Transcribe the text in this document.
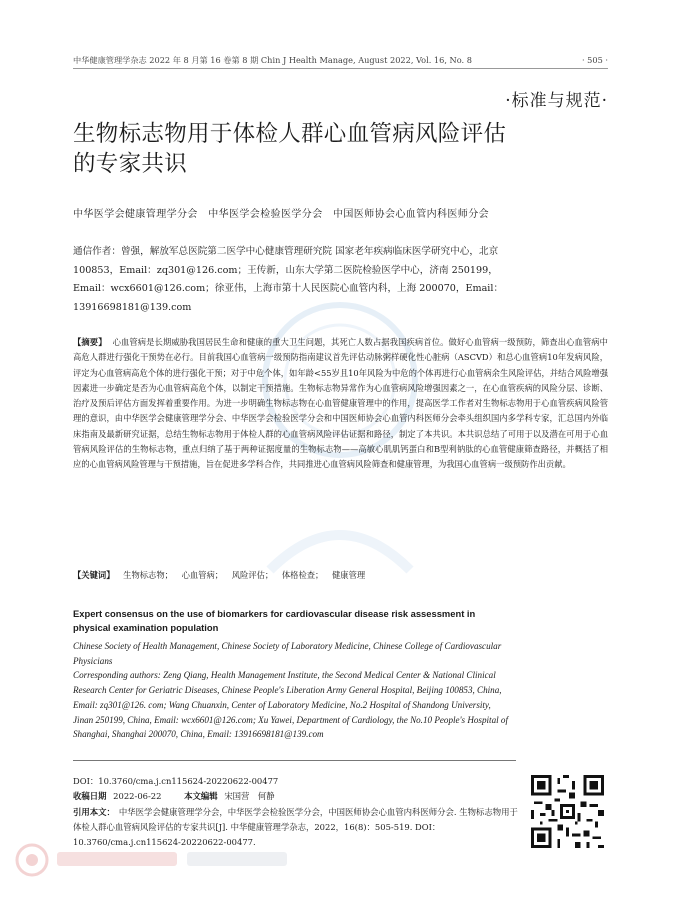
中华健康管理学杂志 2022 年 8 月第 16 卷第 8 期 Chin J Health Manage, August 2022, Vol. 16, No. 8	· 505 ·
·标准与规范·
生物标志物用于体检人群心血管病风险评估的专家共识
中华医学会健康管理学分会　中华医学会检验医学分会　中国医师协会心血管内科医师分会
通信作者：曾强，解放军总医院第二医学中心健康管理研究院 国家老年疾病临床医学研究中心，北京 100853，Email：zq301@126.com；王传新，山东大学第二医院检验医学中心，济南 250199，Email：wcx6601@126.com；徐亚伟，上海市第十人民医院心血管内科，上海 200070，Email：13916698181@139.com
【摘要】 心血管病是长期威胁我国居民生命和健康的重大卫生问题，其死亡人数占据我国疾病首位。做好心血管病一级预防，筛查出心血管病中高危人群进行强化干预势在必行。目前我国心血管病一级预防指南建议首先评估动脉粥样硬化性心脏病（ASCVD）和总心血管病10年发病风险，评定为心血管病高危个体的进行强化干预；对于中危个体，如年龄<55岁且10年风险为中危的个体再进行心血管病余生风险评估，并结合风险增强因素进一步确定是否为心血管病高危个体，以制定干预措施。生物标志物异常作为心血管病风险增强因素之一，在心血管疾病的风险分层、诊断、治疗及预后评估方面发挥着重要作用。为进一步明确生物标志物在心血管健康管理中的作用，提高医学工作者对生物标志物用于心血管疾病风险管理的意识，由中华医学会健康管理学分会、中华医学会检验医学分会和中国医师协会心血管内科医师分会牵头组织国内多学科专家，汇总国内外临床指南及最新研究证据，总结生物标志物用于体检人群的心血管病风险评估证据和路径，制定了本共识。本共识总结了可用于以及潜在可用于心血管病风险评估的生物标志物，重点归纳了基于两种证据度量的生物标志物——高敏心肌肌钙蛋白和B型利钠肽的心血管健康筛查路径，并概括了相应的心血管病风险管理与干预措施，旨在促进多学科合作，共同推进心血管病风险筛查和健康管理，为我国心血管病一级预防作出贡献。
【关键词】 生物标志物； 心血管病； 风险评估； 体格检查； 健康管理
Expert consensus on the use of biomarkers for cardiovascular disease risk assessment in physical examination population
Chinese Society of Health Management, Chinese Society of Laboratory Medicine, Chinese College of Cardiovascular Physicians
Corresponding authors: Zeng Qiang, Health Management Institute, the Second Medical Center & National Clinical Research Center for Geriatric Diseases, Chinese People's Liberation Army General Hospital, Beijing 100853, China, Email: zq301@126. com; Wang Chuanxin, Center of Laboratory Medicine, No.2 Hospital of Shandong University, Jinan 250199, China, Email: wcx6601@126.com; Xu Yawei, Department of Cardiology, the No.10 People's Hospital of Shanghai, Shanghai 200070, China, Email: 13916698181@139.com
DOI：10.3760/cma.j.cn115624-20220622-00477
收稿日期 2022-06-22	本文编辑 宋国营　何静
引用本文： 中华医学会健康管理学分会，中华医学会检验医学分会，中国医师协会心血管内科医师分会. 生物标志物用于体检人群心血管病风险评估的专家共识[J]. 中华健康管理学杂志，2022，16(8)：505-519. DOI：10.3760/cma.j.cn115624-20220622-00477.
